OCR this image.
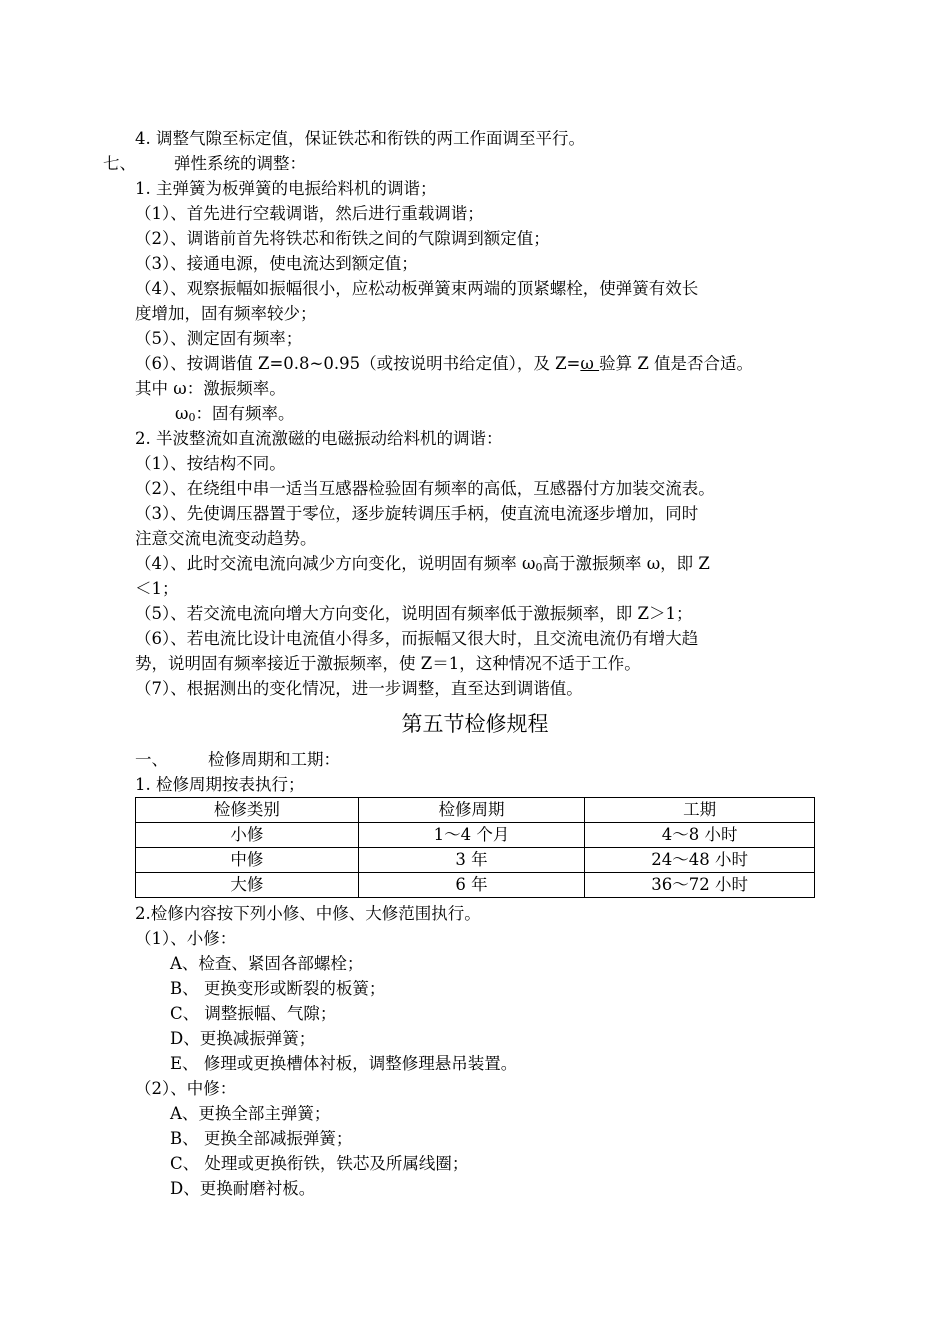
4. 调整气隙至标定值，保证铁芯和衔铁的两工作面调至平行。
七、 弹性系统的调整：
1. 主弹簧为板弹簧的电振给料机的调谐；
（1）、首先进行空载调谐，然后进行重载调谐；
（2）、调谐前首先将铁芯和衔铁之间的气隙调到额定值；
（3）、接通电源，使电流达到额定值；
（4）、观察振幅如振幅很小，应松动板弹簧束两端的顶紧螺栓，使弹簧有效长
度增加，固有频率较少；
（5）、测定固有频率；
（6）、按调谐值 Z=0.8~0.95（或按说明书给定值），及 Z=ω 验算 Z 值是否合适。
其中 ω：激振频率。
ω0：固有频率。
2. 半波整流如直流激磁的电磁振动给料机的调谐：
（1）、按结构不同。
（2）、在绕组中串一适当互感器检验固有频率的高低，互感器付方加装交流表。
（3）、先使调压器置于零位，逐步旋转调压手柄，使直流电流逐步增加，同时
注意交流电流变动趋势。
（4）、此时交流电流向减少方向变化，说明固有频率 ω0高于激振频率 ω，即 Z
＜1；
（5）、若交流电流向增大方向变化，说明固有频率低于激振频率，即 Z＞1；
（6）、若电流比设计电流值小得多，而振幅又很大时，且交流电流仍有增大趋
势，说明固有频率接近于激振频率，使 Z＝1，这种情况不适于工作。
（7）、根据测出的变化情况，进一步调整，直至达到调谐值。
第五节检修规程
一、 检修周期和工期：
1. 检修周期按表执行；
检修类别	检修周期	工期
小修	1～4 个月	4～8 小时
中修	3 年	24～48 小时
大修	6 年	36～72 小时
2.检修内容按下列小修、中修、大修范围执行。
（1）、小修：
A、检查、紧固各部螺栓；
B、 更换变形或断裂的板簧；
C、 调整振幅、气隙；
D、更换减振弹簧；
E、 修理或更换槽体衬板，调整修理悬吊装置。
（2）、中修：
A、更换全部主弹簧；
B、 更换全部减振弹簧；
C、 处理或更换衔铁，铁芯及所属线圈；
D、更换耐磨衬板。
